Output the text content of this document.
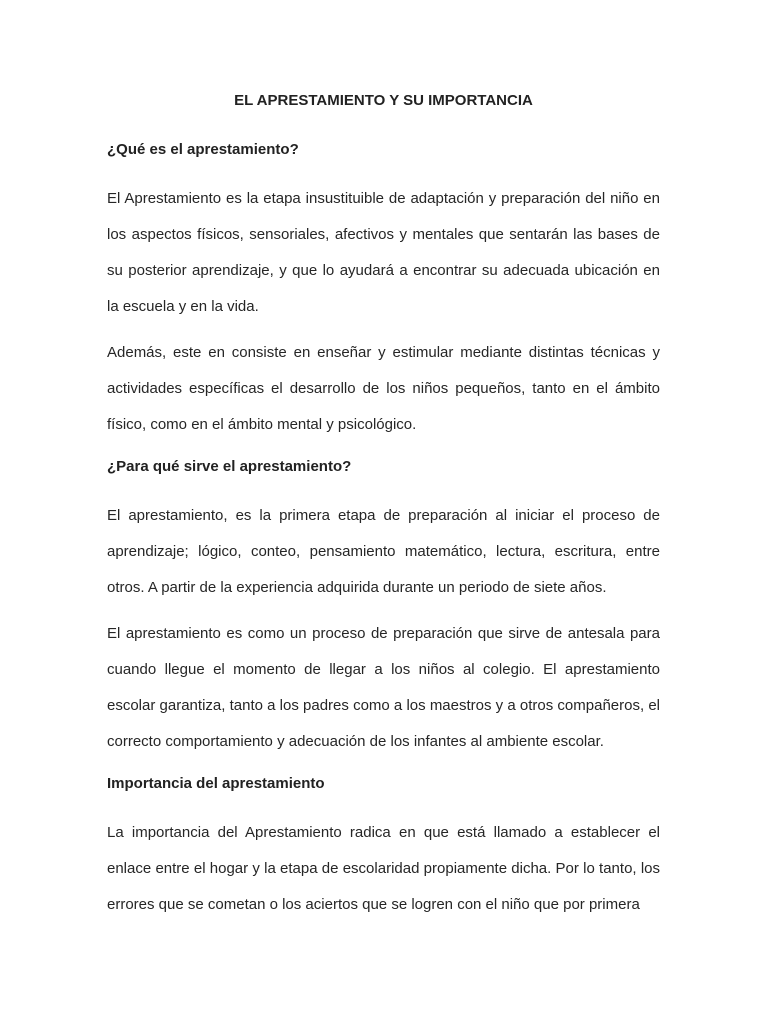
EL APRESTAMIENTO Y SU IMPORTANCIA
¿Qué es el aprestamiento?
El Aprestamiento es la etapa insustituible de adaptación y preparación del niño en los aspectos físicos, sensoriales, afectivos y mentales que sentarán las bases de su posterior aprendizaje, y que lo ayudará a encontrar su adecuada ubicación en la escuela y en la vida.
Además, este en consiste en enseñar y estimular mediante distintas técnicas y actividades específicas el desarrollo de los niños pequeños, tanto en el ámbito físico, como en el ámbito mental y psicológico.
¿Para qué sirve el aprestamiento?
El aprestamiento, es la primera etapa de preparación al iniciar el proceso de aprendizaje; lógico, conteo, pensamiento matemático, lectura, escritura, entre otros. A partir de la experiencia adquirida durante un periodo de siete años.
El aprestamiento es como un proceso de preparación que sirve de antesala para cuando llegue el momento de llegar a los niños al colegio. El aprestamiento escolar garantiza, tanto a los padres como a los maestros y a otros compañeros, el correcto comportamiento y adecuación de los infantes al ambiente escolar.
Importancia del aprestamiento
La importancia del Aprestamiento radica en que está llamado a establecer el enlace entre el hogar y la etapa de escolaridad propiamente dicha. Por lo tanto, los errores que se cometan o los aciertos que se logren con el niño que por primera
